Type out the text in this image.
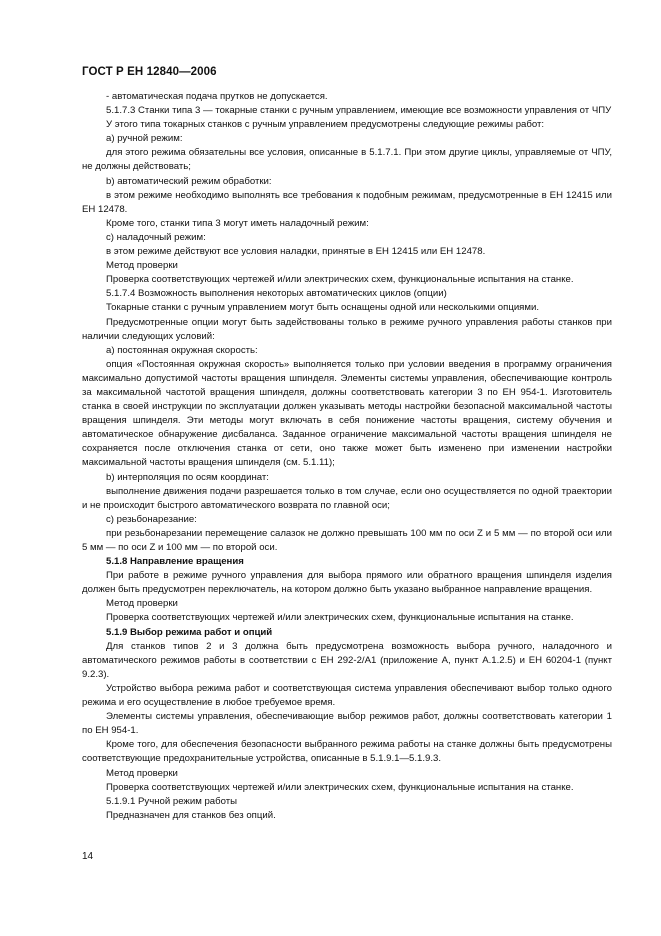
ГОСТ Р ЕН 12840—2006

- автоматическая подача прутков не допускается.

5.1.7.3 Станки типа 3 — токарные станки с ручным управлением, имеющие все возможности управления от ЧПУ

У этого типа токарных станков с ручным управлением предусмотрены следующие режимы работ:

а) ручной режим:

для этого режима обязательны все условия, описанные в 5.1.7.1. При этом другие циклы, управляемые от ЧПУ, не должны действовать;

b) автоматический режим обработки:

в этом режиме необходимо выполнять все требования к подобным режимам, предусмотренные в ЕН 12415 или ЕН 12478.

Кроме того, станки типа 3 могут иметь наладочный режим:

с) наладочный режим:

в этом режиме действуют все условия наладки, принятые в ЕН 12415 или ЕН 12478.

Метод проверки

Проверка соответствующих чертежей и/или электрических схем, функциональные испытания на станке.

5.1.7.4 Возможность выполнения некоторых автоматических циклов (опции)

Токарные станки с ручным управлением могут быть оснащены одной или несколькими опциями.

Предусмотренные опции могут быть задействованы только в режиме ручного управления работы станков при наличии следующих условий:

а) постоянная окружная скорость:

опция «Постоянная окружная скорость» выполняется только при условии введения в программу ограничения максимально допустимой частоты вращения шпинделя. Элементы системы управления, обеспечивающие контроль за максимальной частотой вращения шпинделя, должны соответствовать категории 3 по ЕН 954-1. Изготовитель станка в своей инструкции по эксплуатации должен указывать методы настройки безопасной максимальной частоты вращения шпинделя. Эти методы могут включать в себя понижение частоты вращения, систему обучения и автоматическое обнаружение дисбаланса. Заданное ограничение максимальной частоты вращения шпинделя не сохраняется после отключения станка от сети, оно также может быть изменено при изменении настройки максимальной частоты вращения шпинделя (см. 5.1.11);

b) интерполяция по осям координат:

выполнение движения подачи разрешается только в том случае, если оно осуществляется по одной траектории и не происходит быстрого автоматического возврата по главной оси;

с) резьбонарезание:

при резьбонарезании перемещение салазок не должно превышать 100 мм по оси Z и 5 мм — по второй оси или 5 мм — по оси Z и 100 мм — по второй оси.

5.1.8 Направление вращения

При работе в режиме ручного управления для выбора прямого или обратного вращения шпинделя изделия должен быть предусмотрен переключатель, на котором должно быть указано выбранное направление вращения.

Метод проверки

Проверка соответствующих чертежей и/или электрических схем, функциональные испытания на станке.

5.1.9 Выбор режима работ и опций

Для станков типов 2 и 3 должна быть предусмотрена возможность выбора ручного, наладочного и автоматического режимов работы в соответствии с ЕН 292-2/А1 (приложение А, пункт А.1.2.5) и ЕН 60204-1 (пункт 9.2.3).

Устройство выбора режима работ и соответствующая система управления обеспечивают выбор только одного режима и его осуществление в любое требуемое время.

Элементы системы управления, обеспечивающие выбор режимов работ, должны соответствовать категории 1 по ЕН 954-1.

Кроме того, для обеспечения безопасности выбранного режима работы на станке должны быть предусмотрены соответствующие предохранительные устройства, описанные в 5.1.9.1—5.1.9.3.

Метод проверки

Проверка соответствующих чертежей и/или электрических схем, функциональные испытания на станке.

5.1.9.1 Ручной режим работы

Предназначен для станков без опций.

14
